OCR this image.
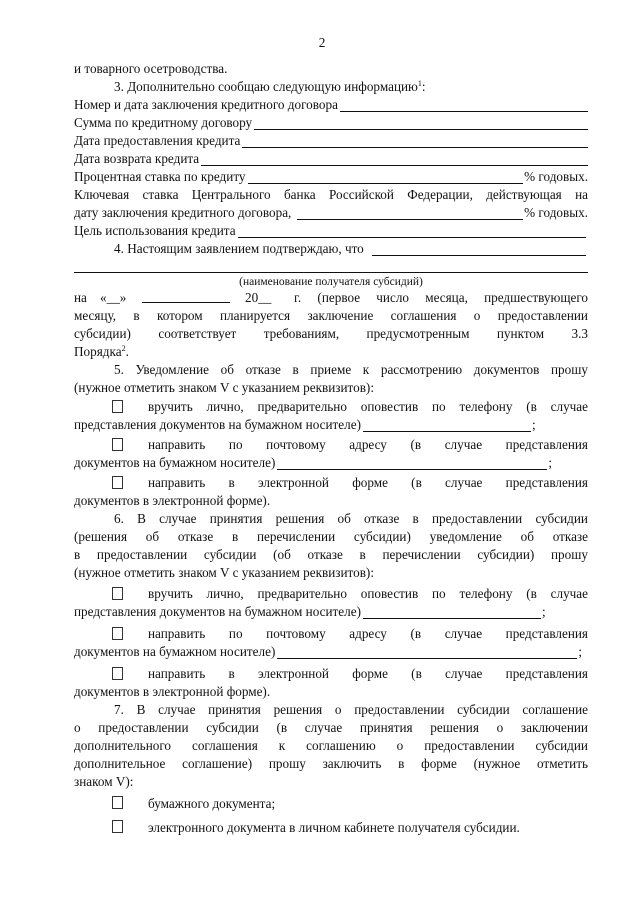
2
и товарного осетроводства.
3. Дополнительно сообщаю следующую информацию$^1$:
Номер и дата заключения кредитного договора
Сумма по кредитному договору
Дата предоставления кредита
Дата возврата кредита
Процентная ставка по кредиту	% годовых.
Ключевая ставка Центрального банка Российской Федерации, действующая на
дату заключения кредитного договора,	% годовых.
Цель использования кредита
4. Настоящим заявлением подтверждаю, что
(наименование получателя субсидий)
на «__»	20__ г. (первое число месяца, предшествующего
месяцу, в котором планируется заключение соглашения о предоставлении
субсидии) соответствует требованиям, предусмотренным пунктом 3.3
Порядка$^2$.
5. Уведомление об отказе в приеме к рассмотрению документов прошу
(нужное отметить знаком V с указанием реквизитов):
вручить лично, предварительно оповестив по телефону (в случае
представления документов на бумажном носителе)	;
направить по почтовому адресу (в случае представления
документов на бумажном носителе)	;
направить в электронной форме (в случае представления
документов в электронной форме).
6. В случае принятия решения об отказе в предоставлении субсидии
(решения об отказе в перечислении субсидии) уведомление об отказе
в предоставлении субсидии (об отказе в перечислении субсидии) прошу
(нужное отметить знаком V с указанием реквизитов):
вручить лично, предварительно оповестив по телефону (в случае
представления документов на бумажном носителе)	;
направить по почтовому адресу (в случае представления
документов на бумажном носителе)	;
направить в электронной форме (в случае представления
документов в электронной форме).
7. В случае принятия решения о предоставлении субсидии соглашение
о предоставлении субсидии (в случае принятия решения о заключении
дополнительного соглашения к соглашению о предоставлении субсидии
дополнительное соглашение) прошу заключить в форме (нужное отметить
знаком V):
бумажного документа;
электронного документа в личном кабинете получателя субсидии.
